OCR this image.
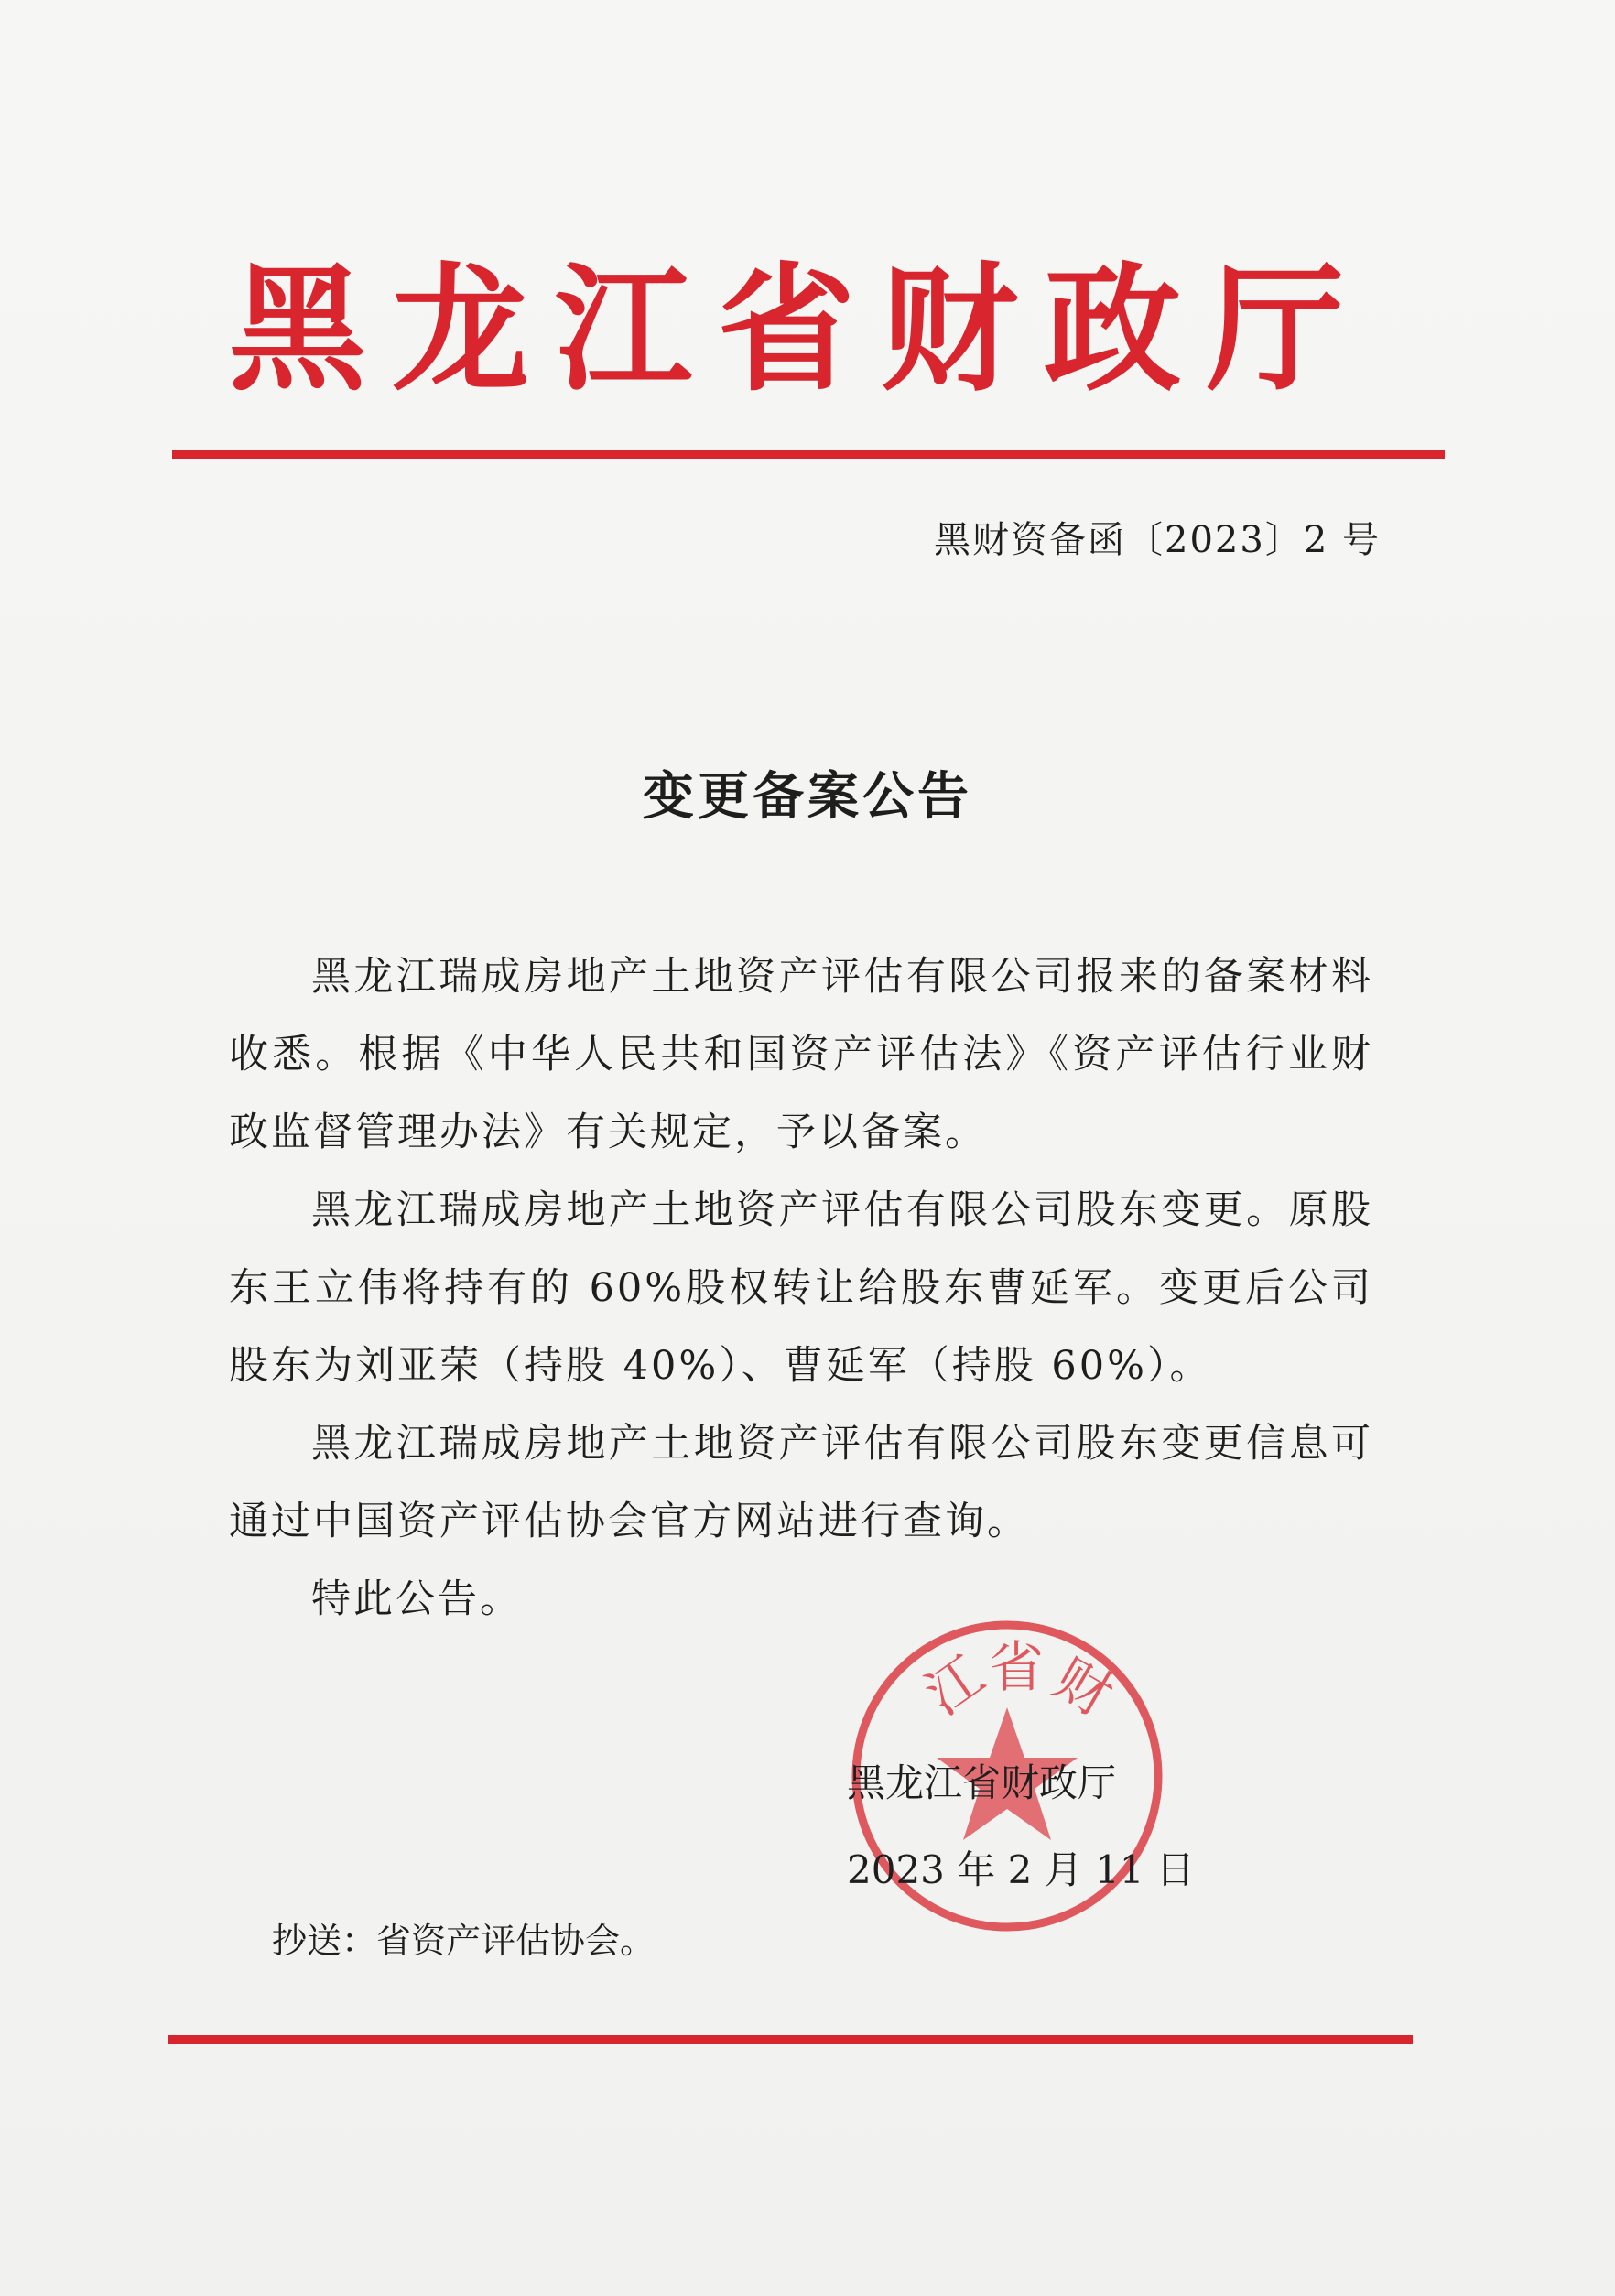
黑龙江省财政厅
黑财资备函〔2023〕2 号
变更备案公告

黑龙江瑞成房地产土地资产评估有限公司报来的备案材料收悉。根据《中华人民共和国资产评估法》《资产评估行业财政监督管理办法》有关规定，予以备案。

黑龙江瑞成房地产土地资产评估有限公司股东变更。原股东王立伟将持有的 60%股权转让给股东曹延军。变更后公司股东为刘亚荣（持股 40%）、曹延军（持股 60%）。

黑龙江瑞成房地产土地资产评估有限公司股东变更信息可通过中国资产评估协会官方网站进行查询。

特此公告。

江
省 财
黑龙江省财政厅
2023 年 2 月 11 日
抄送：省资产评估协会。
